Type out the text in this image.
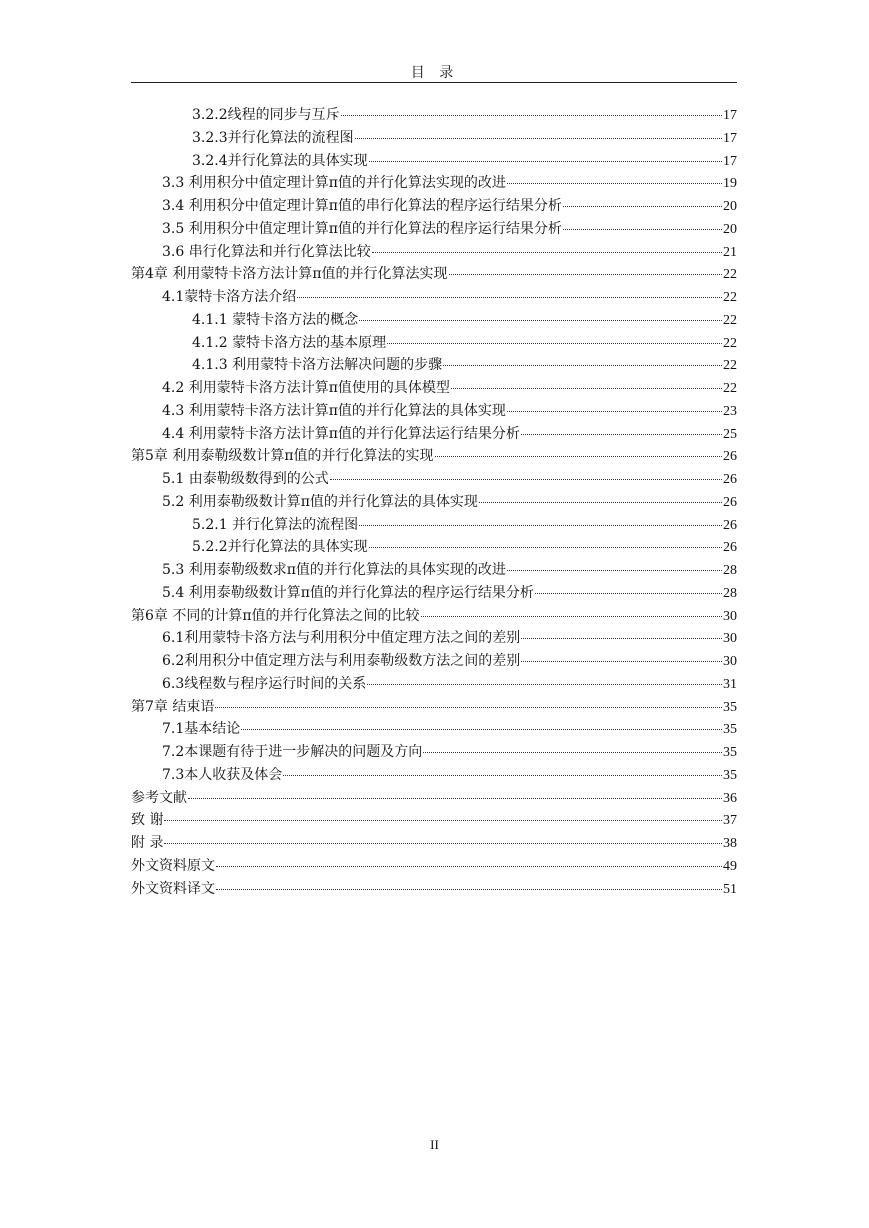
目 录
3.2.2线程的同步与互斥	17
3.2.3并行化算法的流程图	17
3.2.4并行化算法的具体实现	17
3.3 利用积分中值定理计算π值的并行化算法实现的改进	19
3.4 利用积分中值定理计算π值的串行化算法的程序运行结果分析	20
3.5 利用积分中值定理计算π值的并行化算法的程序运行结果分析	20
3.6 串行化算法和并行化算法比较	21
第4章 利用蒙特卡洛方法计算π值的并行化算法实现	22
4.1蒙特卡洛方法介绍	22
4.1.1 蒙特卡洛方法的概念	22
4.1.2 蒙特卡洛方法的基本原理	22
4.1.3 利用蒙特卡洛方法解决问题的步骤	22
4.2 利用蒙特卡洛方法计算π值使用的具体模型	22
4.3 利用蒙特卡洛方法计算π值的并行化算法的具体实现	23
4.4 利用蒙特卡洛方法计算π值的并行化算法运行结果分析	25
第5章 利用泰勒级数计算π值的并行化算法的实现	26
5.1 由泰勒级数得到的公式	26
5.2 利用泰勒级数计算π值的并行化算法的具体实现	26
5.2.1 并行化算法的流程图	26
5.2.2并行化算法的具体实现	26
5.3 利用泰勒级数求π值的并行化算法的具体实现的改进	28
5.4 利用泰勒级数计算π值的并行化算法的程序运行结果分析	28
第6章 不同的计算π值的并行化算法之间的比较	30
6.1利用蒙特卡洛方法与利用积分中值定理方法之间的差别	30
6.2利用积分中值定理方法与利用泰勒级数方法之间的差别	30
6.3线程数与程序运行时间的关系	31
第7章 结束语	35
7.1基本结论	35
7.2本课题有待于进一步解决的问题及方向	35
7.3本人收获及体会	35
参考文献	36
致 谢	37
附 录	38
外文资料原文	49
外文资料译文	51
II
